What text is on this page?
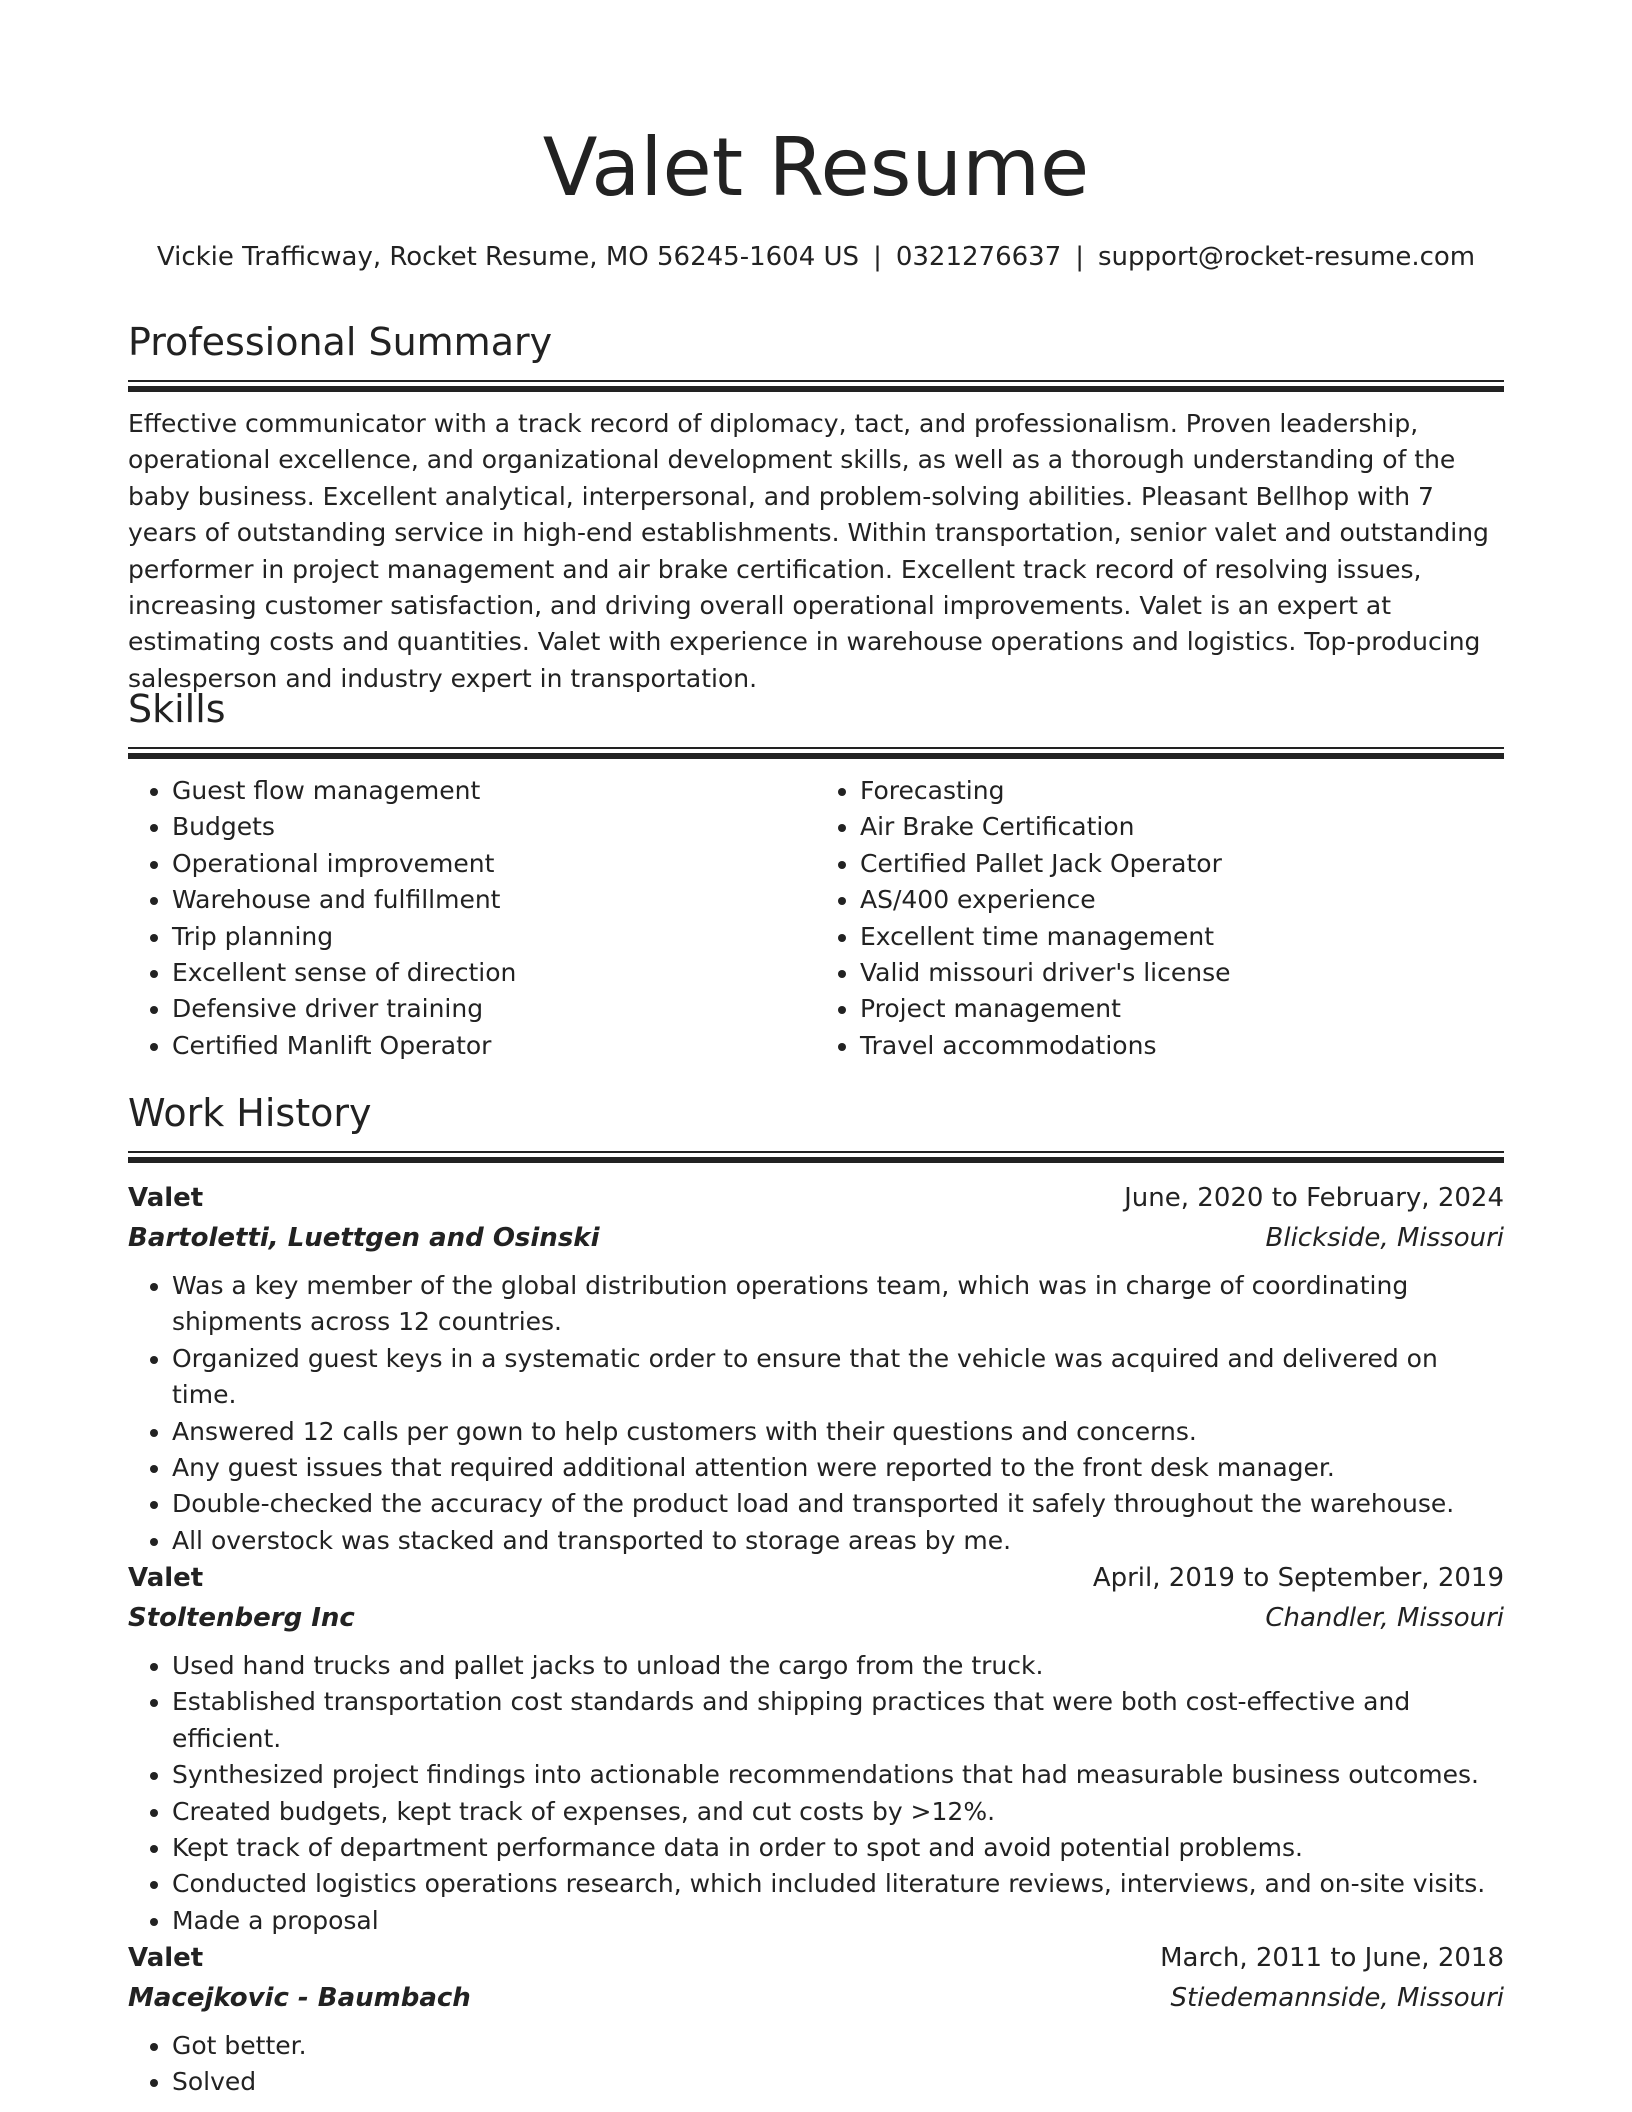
Valet Resume
Vickie Trafficway, Rocket Resume, MO 56245-1604 US | 0321276637 | support@rocket-resume.com
Professional Summary
Effective communicator with a track record of diplomacy, tact, and professionalism. Proven leadership, operational excellence, and organizational development skills, as well as a thorough understanding of the baby business. Excellent analytical, interpersonal, and problem-solving abilities. Pleasant Bellhop with 7 years of outstanding service in high-end establishments. Within transportation, senior valet and outstanding performer in project management and air brake certification. Excellent track record of resolving issues, increasing customer satisfaction, and driving overall operational improvements. Valet is an expert at estimating costs and quantities. Valet with experience in warehouse operations and logistics. Top-producing salesperson and industry expert in transportation.
Skills
• Guest flow management
• Budgets
• Operational improvement
• Warehouse and fulfillment
• Trip planning
• Excellent sense of direction
• Defensive driver training
• Certified Manlift Operator
• Forecasting
• Air Brake Certification
• Certified Pallet Jack Operator
• AS/400 experience
• Excellent time management
• Valid missouri driver's license
• Project management
• Travel accommodations
Work History
Valet	June, 2020 to February, 2024
Bartoletti, Luettgen and Osinski	Blickside, Missouri
• Was a key member of the global distribution operations team, which was in charge of coordinating shipments across 12 countries.
• Organized guest keys in a systematic order to ensure that the vehicle was acquired and delivered on time.
• Answered 12 calls per gown to help customers with their questions and concerns.
• Any guest issues that required additional attention were reported to the front desk manager.
• Double-checked the accuracy of the product load and transported it safely throughout the warehouse.
• All overstock was stacked and transported to storage areas by me.
Valet	April, 2019 to September, 2019
Stoltenberg Inc	Chandler, Missouri
• Used hand trucks and pallet jacks to unload the cargo from the truck.
• Established transportation cost standards and shipping practices that were both cost-effective and efficient.
• Synthesized project findings into actionable recommendations that had measurable business outcomes.
• Created budgets, kept track of expenses, and cut costs by >12%.
• Kept track of department performance data in order to spot and avoid potential problems.
• Conducted logistics operations research, which included literature reviews, interviews, and on-site visits.
• Made a proposal
Valet	March, 2011 to June, 2018
Macejkovic - Baumbach	Stiedemannside, Missouri
• Got better.
• Solved
